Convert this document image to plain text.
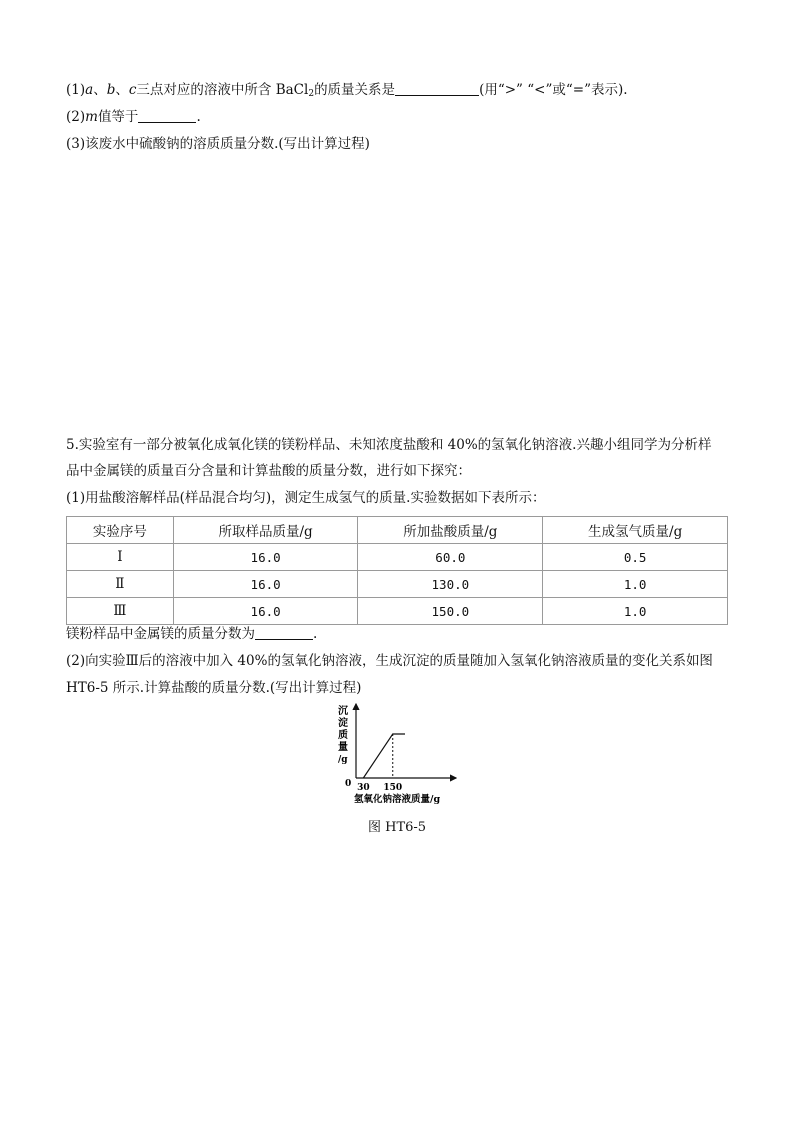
(1)a、b、c三点对应的溶液中所含 BaCl$_2$的质量关系是	(用“>” “<”或“=”表示).
(2)m值等于	.
(3)该废水中硫酸钠的溶质质量分数.(写出计算过程)
5.实验室有一部分被氧化成氧化镁的镁粉样品、未知浓度盐酸和 40%的氢氧化钠溶液.兴趣小组同学为分析样
品中金属镁的质量百分含量和计算盐酸的质量分数，进行如下探究：
(1)用盐酸溶解样品(样品混合均匀)，测定生成氢气的质量.实验数据如下表所示：
实验序号	所取样品质量/g	所加盐酸质量/g	生成氢气质量/g
Ⅰ	16.0	60.0	0.5
Ⅱ	16.0	130.0	1.0
Ⅲ	16.0	150.0	1.0
镁粉样品中金属镁的质量分数为	.
(2)向实验Ⅲ后的溶液中加入 40%的氢氧化钠溶液，生成沉淀的质量随加入氢氧化钠溶液质量的变化关系如图
HT6-5 所示.计算盐酸的质量分数.(写出计算过程)
沉
淀
质
量
/g
0 30 150
氢氧化钠溶液质量/g
图 HT6-5
